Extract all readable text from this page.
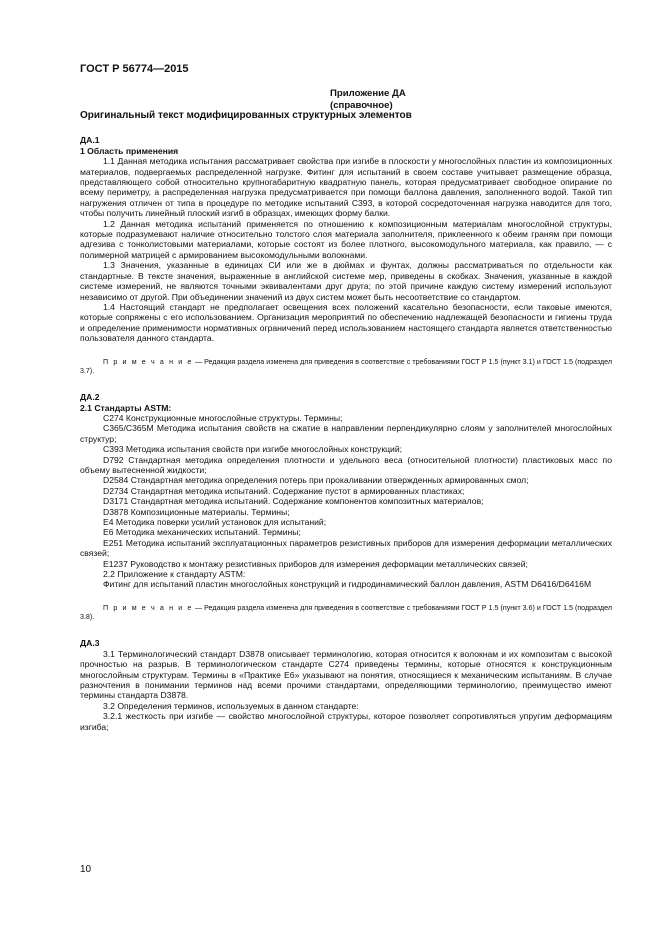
ГОСТ Р 56774—2015

Приложение ДА

(справочное)

Оригинальный текст модифицированных структурных элементов

ДА.1

1 Область применения

1.1 Данная методика испытания рассматривает свойства при изгибе в плоскости у многослойных пластин из композиционных материалов, подвергаемых распределенной нагрузке. Фитинг для испытаний в своем составе учитывает размещение образца, представляющего собой относительно крупногабаритную квадратную панель, которая предусматривает свободное опирание по всему периметру, а распределенная нагрузка предусматривается при помощи баллона давления, заполненного водой. Такой тип нагружения отличен от типа в процедуре по методике испытаний С393, в которой сосредоточенная нагрузка наводится для того, чтобы получить линейный плоский изгиб в образцах, имеющих форму балки.

1.2 Данная методика испытаний применяется по отношению к композиционным материалам многослойной структуры, которые подразумевают наличие относительно толстого слоя материала заполнителя, приклеенного к обеим граням при помощи адгезива с тонколистовыми материалами, которые состоят из более плотного, высокомодульного материала, как правило, — с полимерной матрицей с армированием высокомодульными волокнами.

1.3 Значения, указанные в единицах СИ или же в дюймах и фунтах, должны рассматриваться по отдельности как стандартные. В тексте значения, выраженные в английской системе мер, приведены в скобках. Значения, указанные в каждой системе измерений, не являются точными эквивалентами друг друга; по этой причине каждую систему измерений используют независимо от другой. При объединении значений из двух систем может быть несоответствие со стандартом.

1.4 Настоящий стандарт не предполагает освещения всех положений касательно безопасности, если таковые имеются, которые сопряжены с его использованием. Организация мероприятий по обеспечению надлежащей безопасности и гигиены труда и определение применимости нормативных ограничений перед использованием настоящего стандарта является ответственностью пользователя данного стандарта.

П р и м е ч а н и е — Редакция раздела изменена для приведения в соответствие с требованиями ГОСТ Р 1.5 (пункт 3.1) и ГОСТ 1.5 (подраздел 3.7).

ДА.2

2.1 Стандарты ASTM:

С274 Конструкционные многослойные структуры. Термины;

С365/С365М Методика испытания свойств на сжатие в направлении перпендикулярно слоям у заполнителей многослойных структур;

С393 Методика испытания свойств при изгибе многослойных конструкций;

D792 Стандартная методика определения плотности и удельного веса (относительной плотности) пластиковых масс по объему вытесненной жидкости;

D2584 Стандартная методика определения потерь при прокаливании отвержденных армированных смол;

D2734 Стандартная методика испытаний. Содержание пустот в армированных пластиках;

D3171 Стандартная методика испытаний. Содержание компонентов композитных материалов;

D3878 Композиционные материалы. Термины;

Е4 Методика поверки усилий установок для испытаний;

Е6 Методика механических испытаний. Термины;

Е251 Методика испытаний эксплуатационных параметров резистивных приборов для измерения деформации металлических связей;

Е1237 Руководство к монтажу резистивных приборов для измерения деформации металлических связей;

2.2 Приложение к стандарту ASTM:

Фитинг для испытаний пластин многослойных конструкций и гидродинамический баллон давления, ASTM D6416/D6416M

П р и м е ч а н и е — Редакция раздела изменена для приведения в соответствие с требованиями ГОСТ Р 1.5 (пункт 3.6) и ГОСТ 1.5 (подраздел 3.8).

ДА.3

3.1 Терминологический стандарт D3878 описывает терминологию, которая относится к волокнам и их композитам с высокой прочностью на разрыв. В терминологическом стандарте С274 приведены термины, которые относятся к конструкционным многослойным структурам. Термины в «Практике Е6» указывают на понятия, относящиеся к механическим испытаниям. В случае разночтения в понимании терминов над всеми прочими стандартами, определяющими терминологию, преимущество имеют термины стандарта D3878.

3.2 Определения терминов, используемых в данном стандарте:

3.2.1 жесткость при изгибе — свойство многослойной структуры, которое позволяет сопротивляться упругим деформациям изгиба;

10
